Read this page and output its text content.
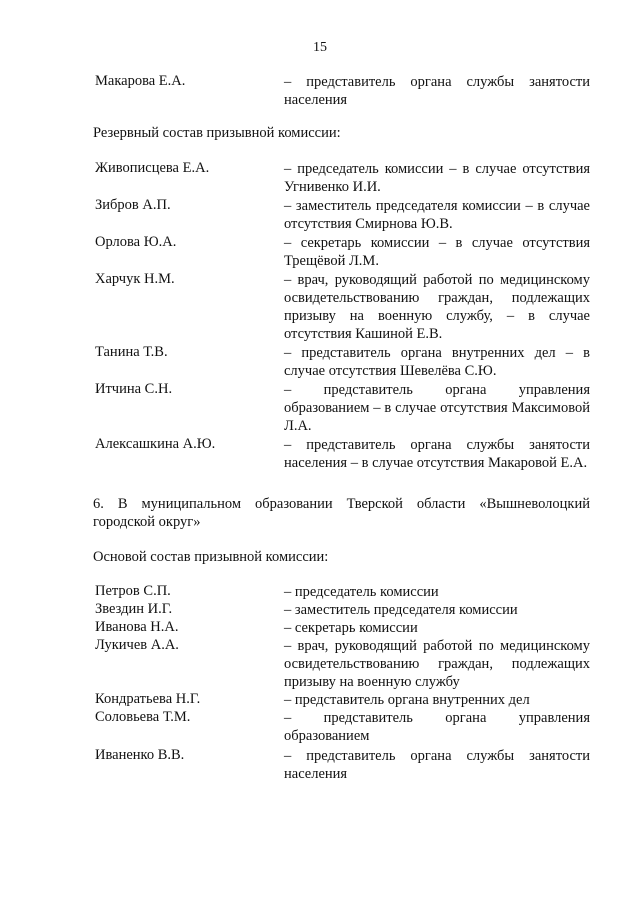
15
Макарова Е.А.	– представитель органа службы занятости населения
Резервный состав призывной комиссии:
Живописцева Е.А.	– председатель комиссии – в случае отсутствия Угнивенко И.И.
Зибров А.П.	– заместитель председателя комиссии – в случае отсутствия Смирнова Ю.В.
Орлова Ю.А.	– секретарь комиссии – в случае отсутствия Трещёвой Л.М.
Харчук Н.М.	– врач, руководящий работой по медицинскому освидетельствованию граждан, подлежащих призыву на военную службу, – в случае отсутствия Кашиной Е.В.
Танина Т.В.	– представитель органа внутренних дел – в случае отсутствия Шевелёва С.Ю.
Итчина С.Н.	– представитель органа управления образованием – в случае отсутствия Максимовой Л.А.
Алексашкина А.Ю.	– представитель органа службы занятости населения – в случае отсутствия Макаровой Е.А.
6. В муниципальном образовании Тверской области «Вышневолоцкий городской округ»
Основой состав призывной комиссии:
Петров С.П.	– председатель комиссии
Звездин И.Г.	– заместитель председателя комиссии
Иванова Н.А.	– секретарь комиссии
Лукичев А.А.	– врач, руководящий работой по медицинскому освидетельствованию граждан, подлежащих призыву на военную службу
Кондратьева Н.Г.	– представитель органа внутренних дел
Соловьева Т.М.	– представитель органа управления образованием
Иваненко В.В.	– представитель органа службы занятости населения
